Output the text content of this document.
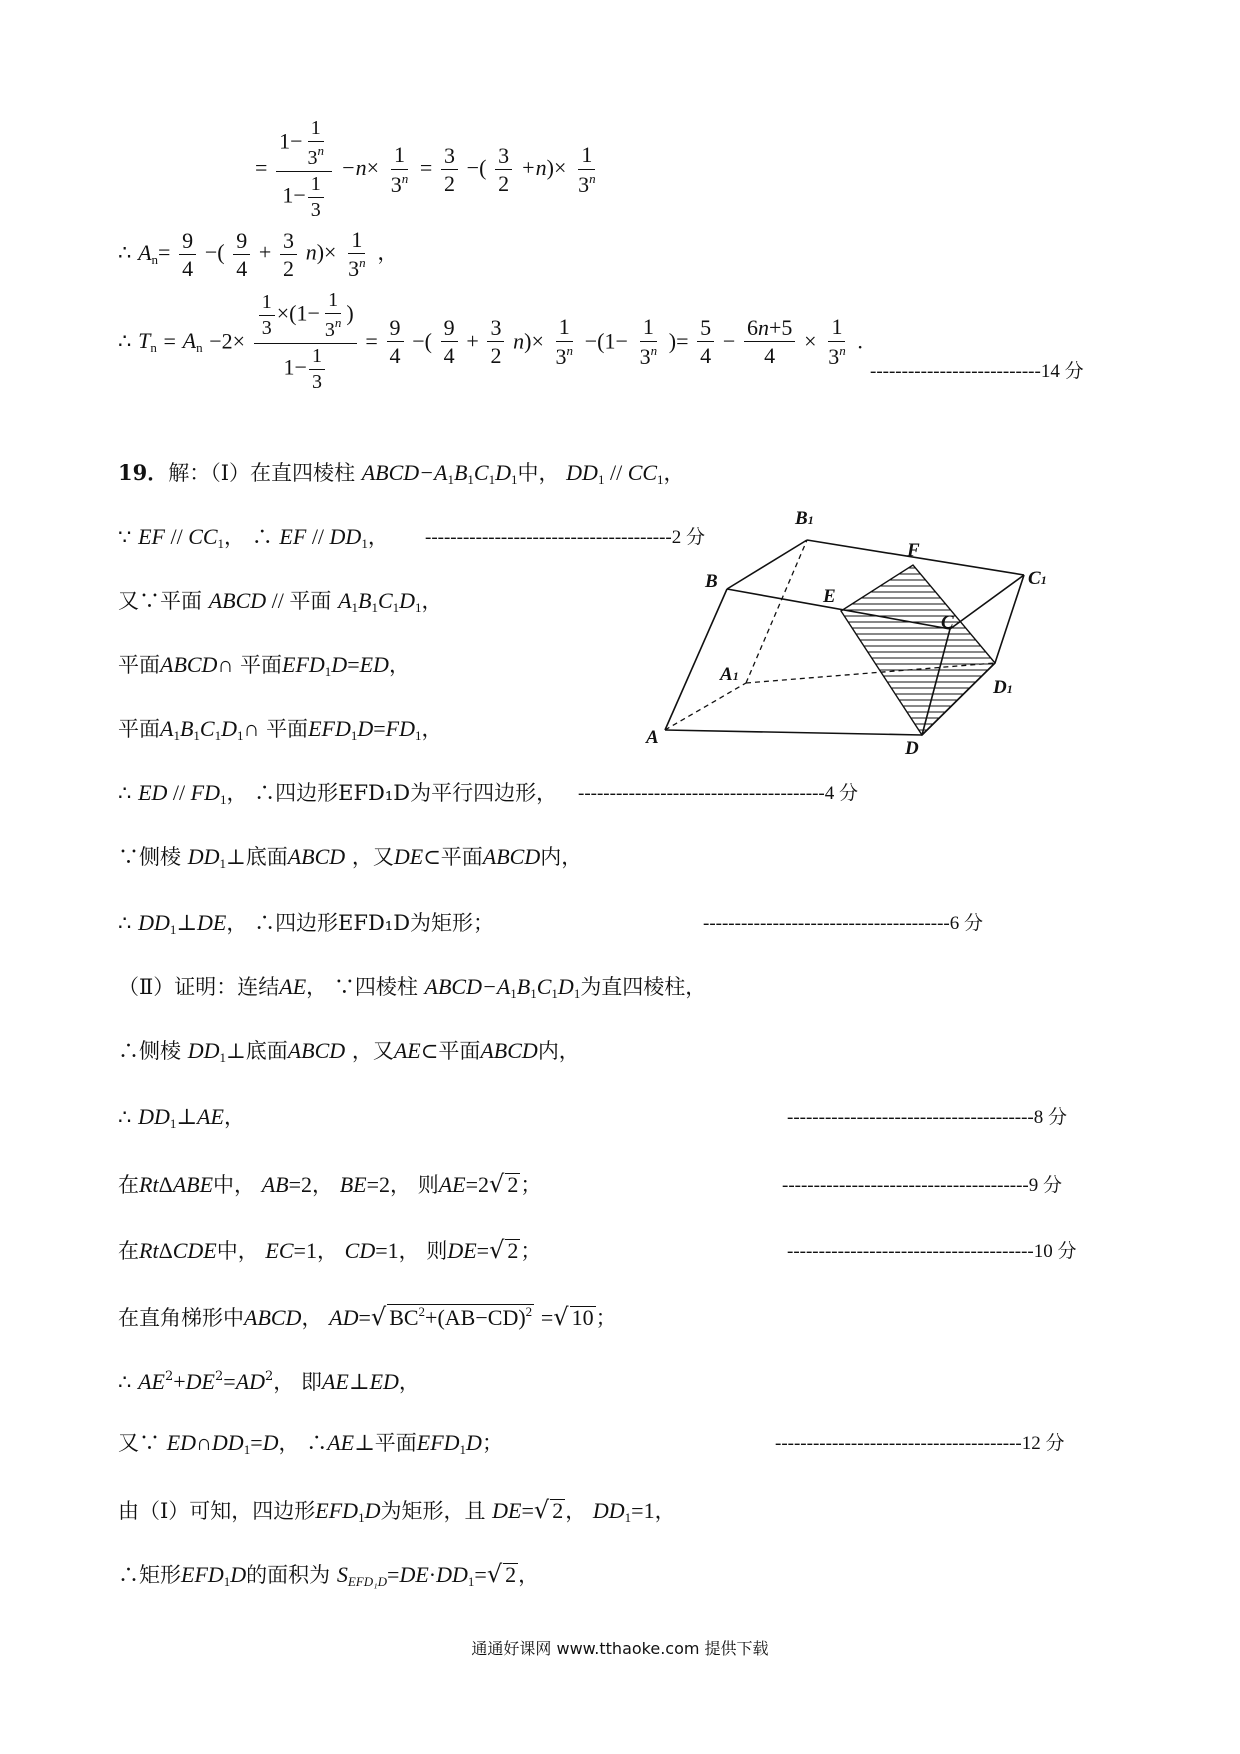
= $\frac{1- \frac{1}{3^n}}{1- \frac{1}{3}} -n\times \frac{1}{3^n} = \frac{3}{2}$ −( $\frac{3}{2} +n)\times \frac{1}{3^n}$
∴ $A_n= \frac{9}{4}$ −( $\frac{9}{4} + \frac{3}{2} n)\times \frac{1}{3^n}$ ，
∴ $T_n = A_n -2\times \frac{\frac{1}{3} \times(1- \frac{1}{3^n} )}{1- \frac{1}{3}} = \frac{9}{4}$ −( $\frac{9}{4} + \frac{3}{2} n)\times \frac{1}{3^n} -(1- \frac{1}{3^n}$ )= $\frac{5}{4} - \frac{6n+5}{4} \times \frac{1}{3^n}$ .
---------------------------14 分
19．解：（Ⅰ）在直四棱柱 $ABCD-A_1B_1C_1D_1$中， $DD_1 // CC_1$，
∵ EF // $CC_1$， ∴ EF // $DD_1$， ---------------------------------------2 分
又∵平面 ABCD // 平面 $A_1B_1C_1D_1$，
平面ABCD∩ 平面$EFD_1D=ED$，
平面$A_1B_1C_1D_1\cap$ 平面$EFD_1D=FD_1$，
B1
F
C1
B
E
C
A1
D1
A
D
∴ ED // $FD_1$， ∴四边形EFD₁D为平行四边形， ---------------------------------------4 分
∵侧棱 $DD_1\perp$底面ABCD ，又DE⊂平面ABCD内，
∴ $DD_1\perp DE$， ∴四边形EFD₁D为矩形；	---------------------------------------6 分
（Ⅱ）证明：连结AE， ∵四棱柱 $ABCD-A_1B_1C_1D_1$为直四棱柱，
∴侧棱 $DD_1\perp$底面ABCD ，又AE⊂平面ABCD内，
∴ $DD_1\perp AE$，	---------------------------------------8 分
在RtΔABE中， AB=2， BE=2， 则AE=2√ 2；	---------------------------------------9 分
在RtΔCDE中， EC=1， CD=1， 则DE=√ 2；	---------------------------------------10 分
在直角梯形中ABCD， AD=√ $BC^2+(AB-CD)^2$ =√ 10；
∴ $AE^2+DE^2=AD^2$， 即AE⊥ED，
又∵ $ED\cap DD_1=D$， ∴AE⊥平面$EFD_1D$；	---------------------------------------12 分
由（Ⅰ）可知，四边形$EFD_1D$为矩形，且 DE=√ 2， $DD_1=1$，
∴矩形$EFD_1D$的面积为 $S_{EFD_1D}=DE\cdot DD_1=√$ 2，
通通好课网 www.tthaoke.com 提供下载
